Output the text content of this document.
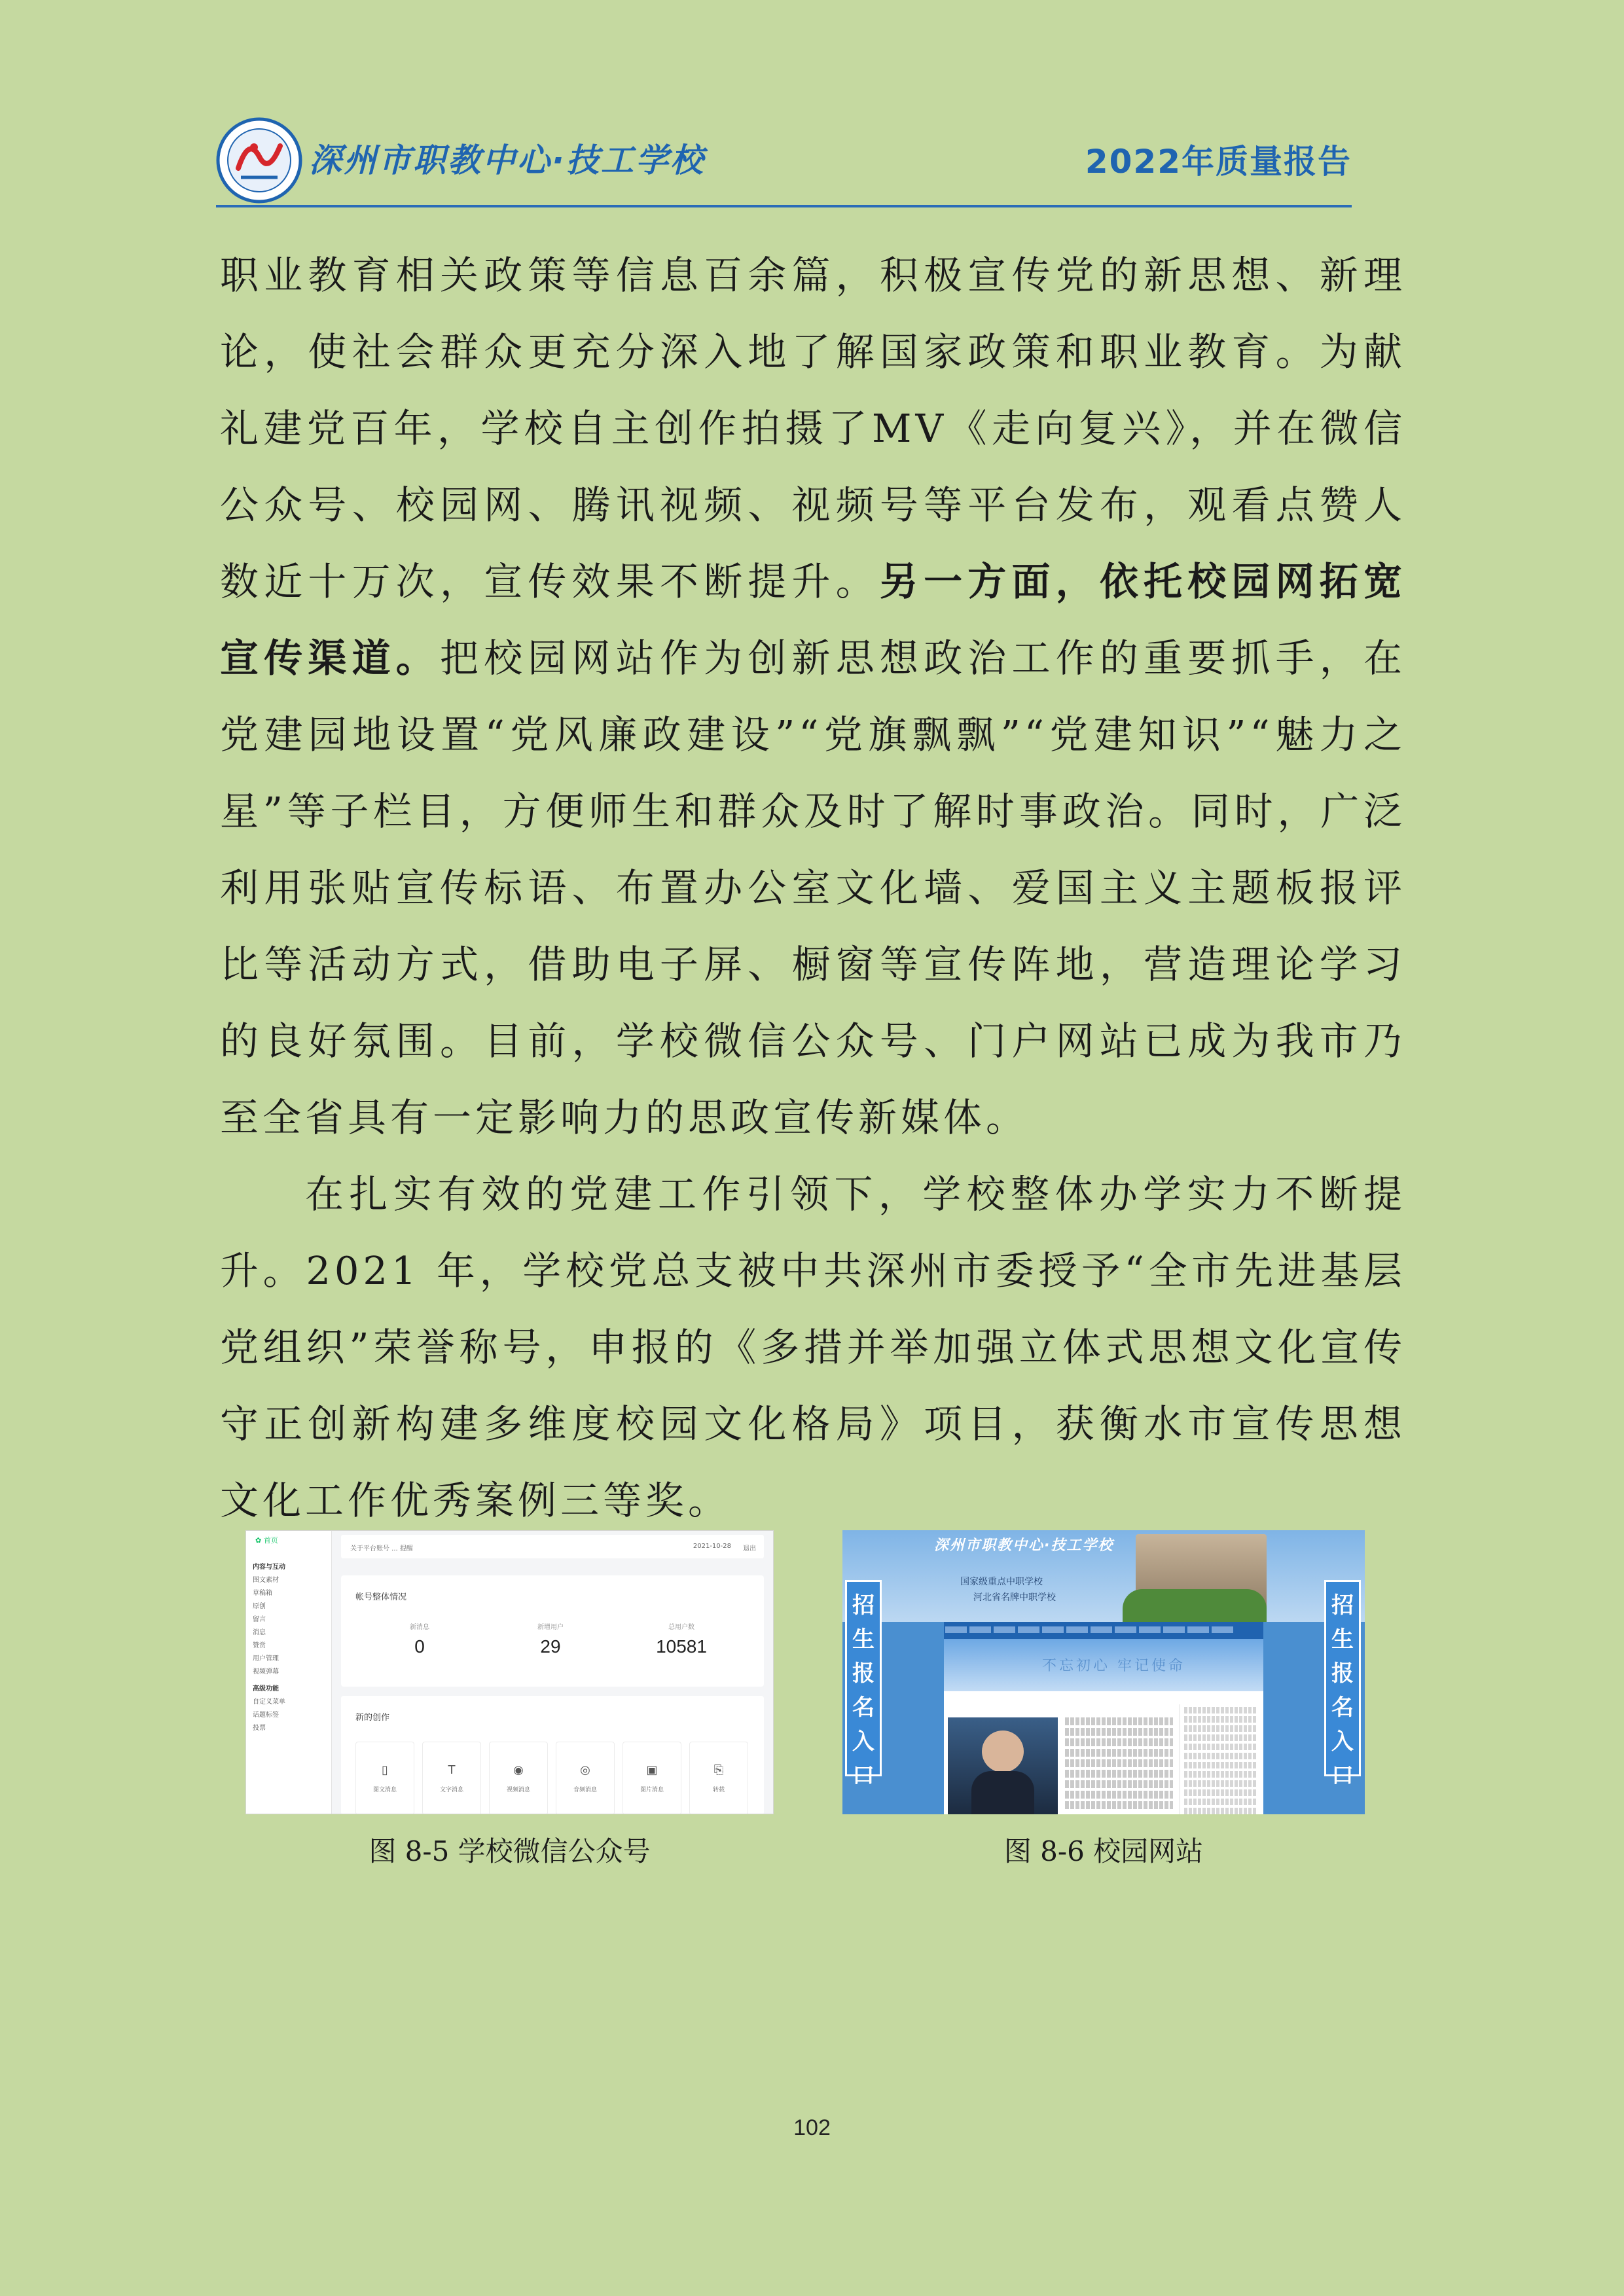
深州市职教中心·技工学校	2022年质量报告

职业教育相关政策等信息百余篇，积极宣传党的新思想、新理论，使社会群众更充分深入地了解国家政策和职业教育。为献礼建党百年，学校自主创作拍摄了MV《走向复兴》，并在微信公众号、校园网、腾讯视频、视频号等平台发布，观看点赞人数近十万次，宣传效果不断提升。另一方面，依托校园网拓宽宣传渠道。把校园网站作为创新思想政治工作的重要抓手，在党建园地设置“党风廉政建设”“党旗飘飘”“党建知识”“魅力之星”等子栏目，方便师生和群众及时了解时事政治。同时，广泛利用张贴宣传标语、布置办公室文化墙、爱国主义主题板报评比等活动方式，借助电子屏、橱窗等宣传阵地，营造理论学习的良好氛围。目前，学校微信公众号、门户网站已成为我市乃至全省具有一定影响力的思政宣传新媒体。

在扎实有效的党建工作引领下，学校整体办学实力不断提升。2021 年，学校党总支被中共深州市委授予“全市先进基层党组织”荣誉称号，申报的《多措并举加强立体式思想文化宣传 守正创新构建多维度校园文化格局》项目，获衡水市宣传思想文化工作优秀案例三等奖。

✿ 首页
内容与互动
图文素材
草稿箱
原创
留言
消息
赞赏
用户管理
视频弹幕
高级功能
自定义菜单
话题标签
投票
关于平台账号 ... 提醒	2021-10-28 退出
帐号整体情况
新消息
0
新增用户
29
总用户数
10581
新的创作
▯
图文消息
T
文字消息
◉
视频消息
◎
音频消息
▣
图片消息
⎘
转载
图 8-5 学校微信公众号
深州市职教中心·技工学校
国家级重点中职学校
河北省名牌中职学校
不忘初心 牢记使命
招生报名入口
招生报名入口
图 8-6 校园网站
102
